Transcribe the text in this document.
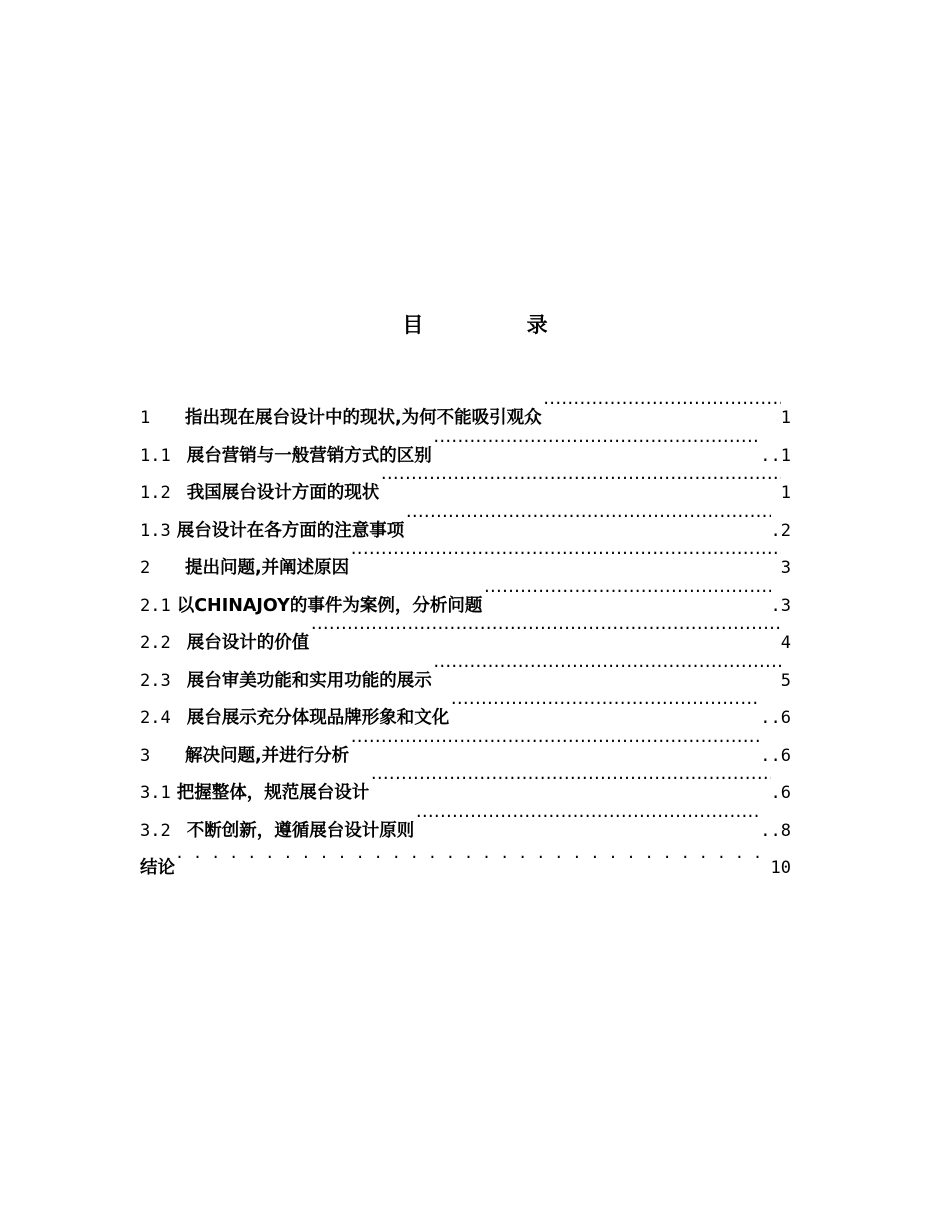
目 录
1	指出现在展台设计中的现状,为何不能吸引观众 ·····	1
1.1 展台营销与一般营销方式的区别 ·····	..1
1.2 我国展台设计方面的现状 ·····	1
1.3 展台设计在各方面的注意事项 ·····	.2
2	提出问题,并阐述原因 ·····	3
2.1 以CHINAJOY的事件为案例，分析问题 ·····	.3
2.2 展台设计的价值 ·····	4
2.3 展台审美功能和实用功能的展示 ·····	5
2.4 展台展示充分体现品牌形象和文化 ·····	..6
3	解决问题,并进行分析 ·····	..6
3.1 把握整体，规范展台设计 ·····	.6
3.2 不断创新，遵循展台设计原则 ·····	..8
结论 . . .	10
